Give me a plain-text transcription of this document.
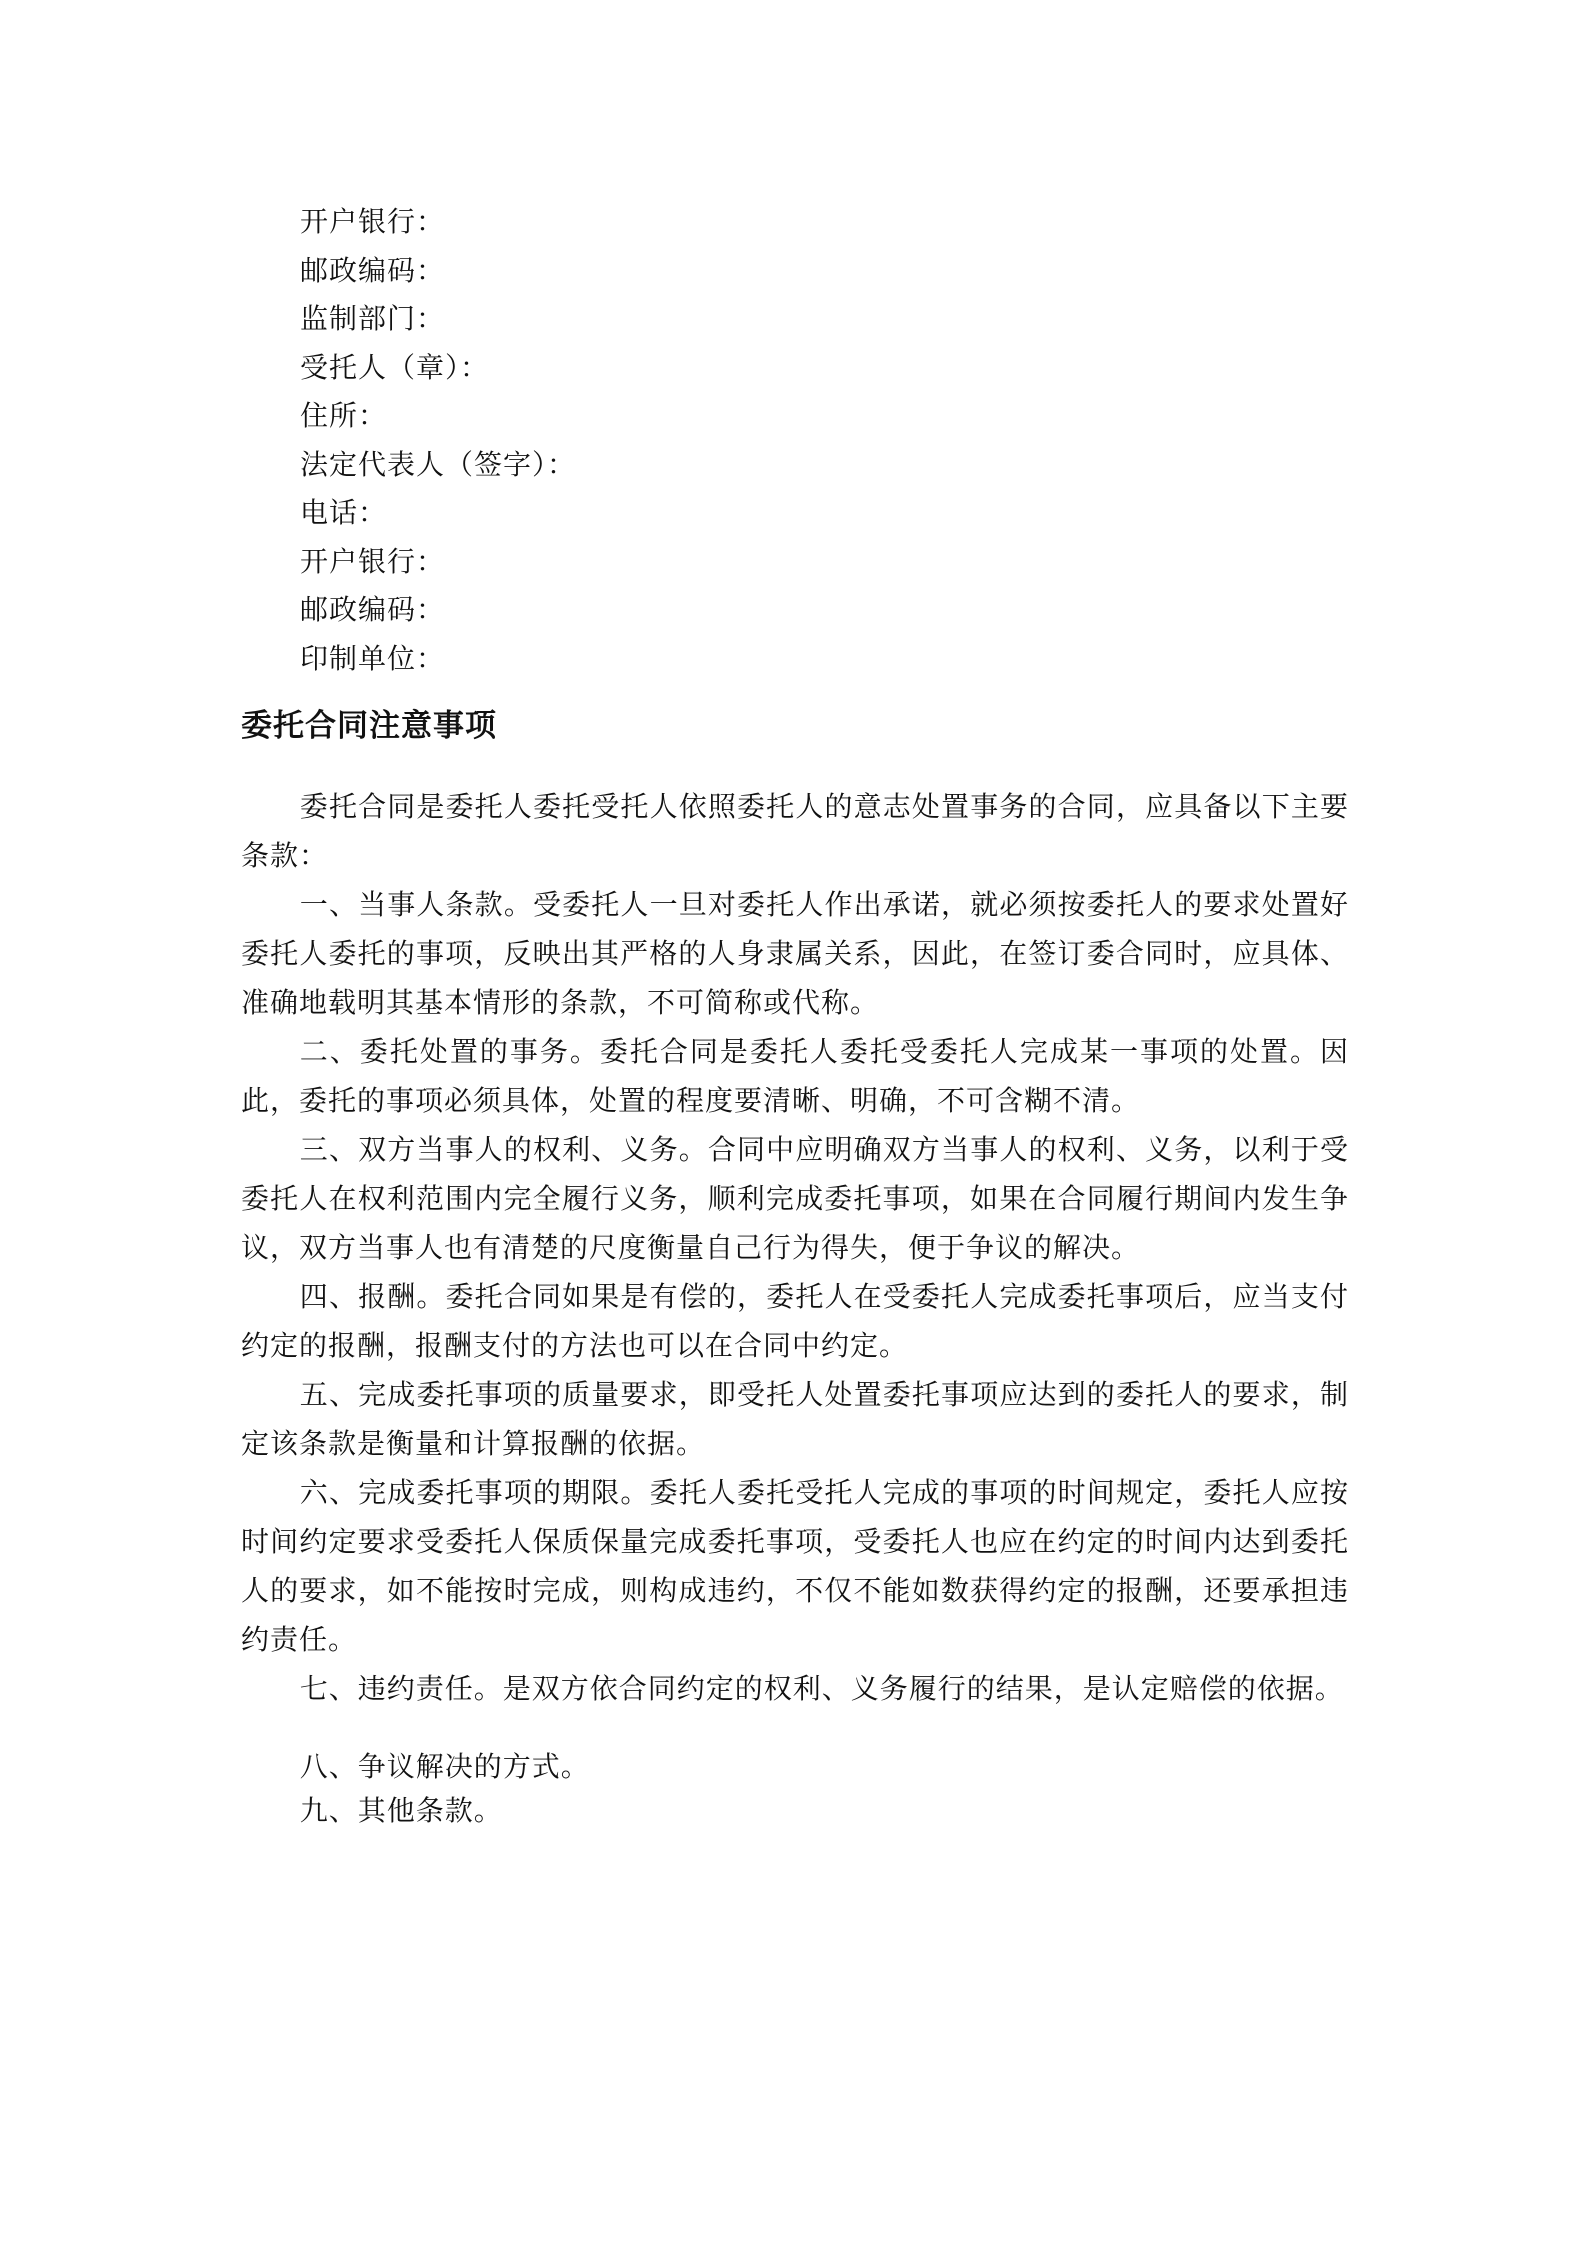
开户银行：
邮政编码：
监制部门：
受托人（章）：
住所：
法定代表人（签字）：
电话：
开户银行：
邮政编码：
印制单位：
委托合同注意事项

委托合同是委托人委托受托人依照委托人的意志处置事务的合同，应具备以下主要条款：

一、当事人条款。受委托人一旦对委托人作出承诺，就必须按委托人的要求处置好委托人委托的事项，反映出其严格的人身隶属关系，因此，在签订委合同时，应具体、准确地载明其基本情形的条款，不可简称或代称。

二、委托处置的事务。委托合同是委托人委托受委托人完成某一事项的处置。因此，委托的事项必须具体，处置的程度要清晰、明确，不可含糊不清。

三、双方当事人的权利、义务。合同中应明确双方当事人的权利、义务，以利于受委托人在权利范围内完全履行义务，顺利完成委托事项，如果在合同履行期间内发生争议，双方当事人也有清楚的尺度衡量自己行为得失，便于争议的解决。

四、报酬。委托合同如果是有偿的，委托人在受委托人完成委托事项后，应当支付约定的报酬，报酬支付的方法也可以在合同中约定。

五、完成委托事项的质量要求，即受托人处置委托事项应达到的委托人的要求，制定该条款是衡量和计算报酬的依据。

六、完成委托事项的期限。委托人委托受托人完成的事项的时间规定，委托人应按时间约定要求受委托人保质保量完成委托事项，受委托人也应在约定的时间内达到委托人的要求，如不能按时完成，则构成违约，不仅不能如数获得约定的报酬，还要承担违约责任。

七、违约责任。是双方依合同约定的权利、义务履行的结果，是认定赔偿的依据。

八、争议解决的方式。

九、其他条款。
